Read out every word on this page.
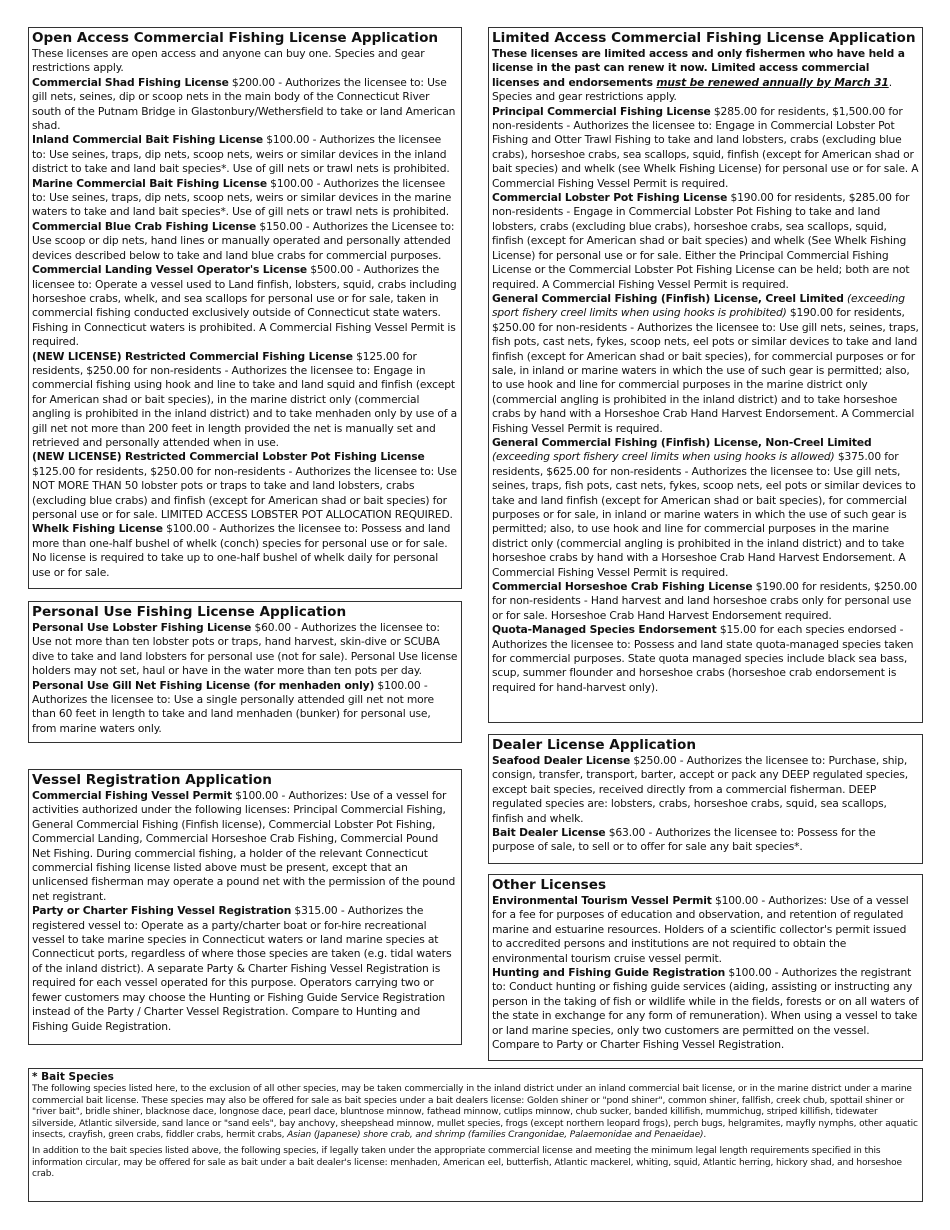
Open Access Commercial Fishing License Application

These licenses are open access and anyone can buy one. Species and gear restrictions apply.

Commercial Shad Fishing License $200.00 - Authorizes the licensee to: Use gill nets, seines, dip or scoop nets in the main body of the Connecticut River south of the Putnam Bridge in Glastonbury/Wethersfield to take or land American shad.

Inland Commercial Bait Fishing License $100.00 - Authorizes the licensee to: Use seines, traps, dip nets, scoop nets, weirs or similar devices in the inland district to take and land bait species*. Use of gill nets or trawl nets is prohibited.

Marine Commercial Bait Fishing License $100.00 - Authorizes the licensee to: Use seines, traps, dip nets, scoop nets, weirs or similar devices in the marine waters to take and land bait species*. Use of gill nets or trawl nets is prohibited.

Commercial Blue Crab Fishing License $150.00 - Authorizes the Licensee to: Use scoop or dip nets, hand lines or manually operated and personally attended devices described below to take and land blue crabs for commercial purposes.

Commercial Landing Vessel Operator's License $500.00 - Authorizes the licensee to: Operate a vessel used to Land finfish, lobsters, squid, crabs including horseshoe crabs, whelk, and sea scallops for personal use or for sale, taken in commercial fishing conducted exclusively outside of Connecticut state waters. Fishing in Connecticut waters is prohibited. A Commercial Fishing Vessel Permit is required.

(NEW LICENSE) Restricted Commercial Fishing License $125.00 for residents, $250.00 for non-residents - Authorizes the licensee to: Engage in commercial fishing using hook and line to take and land squid and finfish (except for American shad or bait species), in the marine district only (commercial angling is prohibited in the inland district) and to take menhaden only by use of a gill net not more than 200 feet in length provided the net is manually set and retrieved and personally attended when in use.

(NEW LICENSE) Restricted Commercial Lobster Pot Fishing License $125.00 for residents, $250.00 for non-residents - Authorizes the licensee to: Use NOT MORE THAN 50 lobster pots or traps to take and land lobsters, crabs (excluding blue crabs) and finfish (except for American shad or bait species) for personal use or for sale. LIMITED ACCESS LOBSTER POT ALLOCATION REQUIRED.

Whelk Fishing License $100.00 - Authorizes the licensee to: Possess and land more than one-half bushel of whelk (conch) species for personal use or for sale. No license is required to take up to one-half bushel of whelk daily for personal use or for sale.

Personal Use Fishing License Application

Personal Use Lobster Fishing License $60.00 - Authorizes the licensee to: Use not more than ten lobster pots or traps, hand harvest, skin-dive or SCUBA dive to take and land lobsters for personal use (not for sale). Personal Use license holders may not set, haul or have in the water more than ten pots per day.

Personal Use Gill Net Fishing License (for menhaden only) $100.00 - Authorizes the licensee to: Use a single personally attended gill net not more than 60 feet in length to take and land menhaden (bunker) for personal use, from marine waters only.

Vessel Registration Application

Commercial Fishing Vessel Permit $100.00 - Authorizes: Use of a vessel for activities authorized under the following licenses: Principal Commercial Fishing, General Commercial Fishing (Finfish license), Commercial Lobster Pot Fishing, Commercial Landing, Commercial Horseshoe Crab Fishing, Commercial Pound Net Fishing. During commercial fishing, a holder of the relevant Connecticut commercial fishing license listed above must be present, except that an unlicensed fisherman may operate a pound net with the permission of the pound net registrant.

Party or Charter Fishing Vessel Registration $315.00 - Authorizes the registered vessel to: Operate as a party/charter boat or for-hire recreational vessel to take marine species in Connecticut waters or land marine species at Connecticut ports, regardless of where those species are taken (e.g. tidal waters of the inland district). A separate Party & Charter Fishing Vessel Registration is required for each vessel operated for this purpose. Operators carrying two or fewer customers may choose the Hunting or Fishing Guide Service Registration instead of the Party / Charter Vessel Registration. Compare to Hunting and Fishing Guide Registration.

Limited Access Commercial Fishing License Application

These licenses are limited access and only fishermen who have held a license in the past can renew it now. Limited access commercial licenses and endorsements must be renewed annually by March 31. Species and gear restrictions apply.

Principal Commercial Fishing License $285.00 for residents, $1,500.00 for non-residents - Authorizes the licensee to: Engage in Commercial Lobster Pot Fishing and Otter Trawl Fishing to take and land lobsters, crabs (excluding blue crabs), horseshoe crabs, sea scallops, squid, finfish (except for American shad or bait species) and whelk (see Whelk Fishing License) for personal use or for sale. A Commercial Fishing Vessel Permit is required.

Commercial Lobster Pot Fishing License $190.00 for residents, $285.00 for non-residents - Engage in Commercial Lobster Pot Fishing to take and land lobsters, crabs (excluding blue crabs), horseshoe crabs, sea scallops, squid, finfish (except for American shad or bait species) and whelk (See Whelk Fishing License) for personal use or for sale. Either the Principal Commercial Fishing License or the Commercial Lobster Pot Fishing License can be held; both are not required. A Commercial Fishing Vessel Permit is required.

General Commercial Fishing (Finfish) License, Creel Limited (exceeding sport fishery creel limits when using hooks is prohibited) $190.00 for residents, $250.00 for non-residents - Authorizes the licensee to: Use gill nets, seines, traps, fish pots, cast nets, fykes, scoop nets, eel pots or similar devices to take and land finfish (except for American shad or bait species), for commercial purposes or for sale, in inland or marine waters in which the use of such gear is permitted; also, to use hook and line for commercial purposes in the marine district only (commercial angling is prohibited in the inland district) and to take horseshoe crabs by hand with a Horseshoe Crab Hand Harvest Endorsement. A Commercial Fishing Vessel Permit is required.

General Commercial Fishing (Finfish) License, Non-Creel Limited (exceeding sport fishery creel limits when using hooks is allowed) $375.00 for residents, $625.00 for non-residents - Authorizes the licensee to: Use gill nets, seines, traps, fish pots, cast nets, fykes, scoop nets, eel pots or similar devices to take and land finfish (except for American shad or bait species), for commercial purposes or for sale, in inland or marine waters in which the use of such gear is permitted; also, to use hook and line for commercial purposes in the marine district only (commercial angling is prohibited in the inland district) and to take horseshoe crabs by hand with a Horseshoe Crab Hand Harvest Endorsement. A Commercial Fishing Vessel Permit is required.

Commercial Horseshoe Crab Fishing License $190.00 for residents, $250.00 for non-residents - Hand harvest and land horseshoe crabs only for personal use or for sale. Horseshoe Crab Hand Harvest Endorsement required.

Quota-Managed Species Endorsement $15.00 for each species endorsed - Authorizes the licensee to: Possess and land state quota-managed species taken for commercial purposes. State quota managed species include black sea bass, scup, summer flounder and horseshoe crabs (horseshoe crab endorsement is required for hand-harvest only).

Dealer License Application

Seafood Dealer License $250.00 - Authorizes the licensee to: Purchase, ship, consign, transfer, transport, barter, accept or pack any DEEP regulated species, except bait species, received directly from a commercial fisherman. DEEP regulated species are: lobsters, crabs, horseshoe crabs, squid, sea scallops, finfish and whelk.

Bait Dealer License $63.00 - Authorizes the licensee to: Possess for the purpose of sale, to sell or to offer for sale any bait species*.

Other Licenses

Environmental Tourism Vessel Permit $100.00 - Authorizes: Use of a vessel for a fee for purposes of education and observation, and retention of regulated marine and estuarine resources. Holders of a scientific collector's permit issued to accredited persons and institutions are not required to obtain the environmental tourism cruise vessel permit.

Hunting and Fishing Guide Registration $100.00 - Authorizes the registrant to: Conduct hunting or fishing guide services (aiding, assisting or instructing any person in the taking of fish or wildlife while in the fields, forests or on all waters of the state in exchange for any form of remuneration). When using a vessel to take or land marine species, only two customers are permitted on the vessel. Compare to Party or Charter Fishing Vessel Registration.

* Bait Species

The following species listed here, to the exclusion of all other species, may be taken commercially in the inland district under an inland commercial bait license, or in the marine district under a marine commercial bait license. These species may also be offered for sale as bait species under a bait dealers license: Golden shiner or "pond shiner", common shiner, fallfish, creek chub, spottail shiner or "river bait", bridle shiner, blacknose dace, longnose dace, pearl dace, bluntnose minnow, fathead minnow, cutlips minnow, chub sucker, banded killifish, mummichug, striped killifish, tidewater silverside, Atlantic silverside, sand lance or "sand eels", bay anchovy, sheepshead minnow, mullet species, frogs (except northern leopard frogs), perch bugs, helgramites, mayfly nymphs, other aquatic insects, crayfish, green crabs, fiddler crabs, hermit crabs, Asian (Japanese) shore crab, and shrimp (families Crangonidae, Palaemonidae and Penaeidae).

In addition to the bait species listed above, the following species, if legally taken under the appropriate commercial license and meeting the minimum legal length requirements specified in this information circular, may be offered for sale as bait under a bait dealer's license: menhaden, American eel, butterfish, Atlantic mackerel, whiting, squid, Atlantic herring, hickory shad, and horseshoe crab.
